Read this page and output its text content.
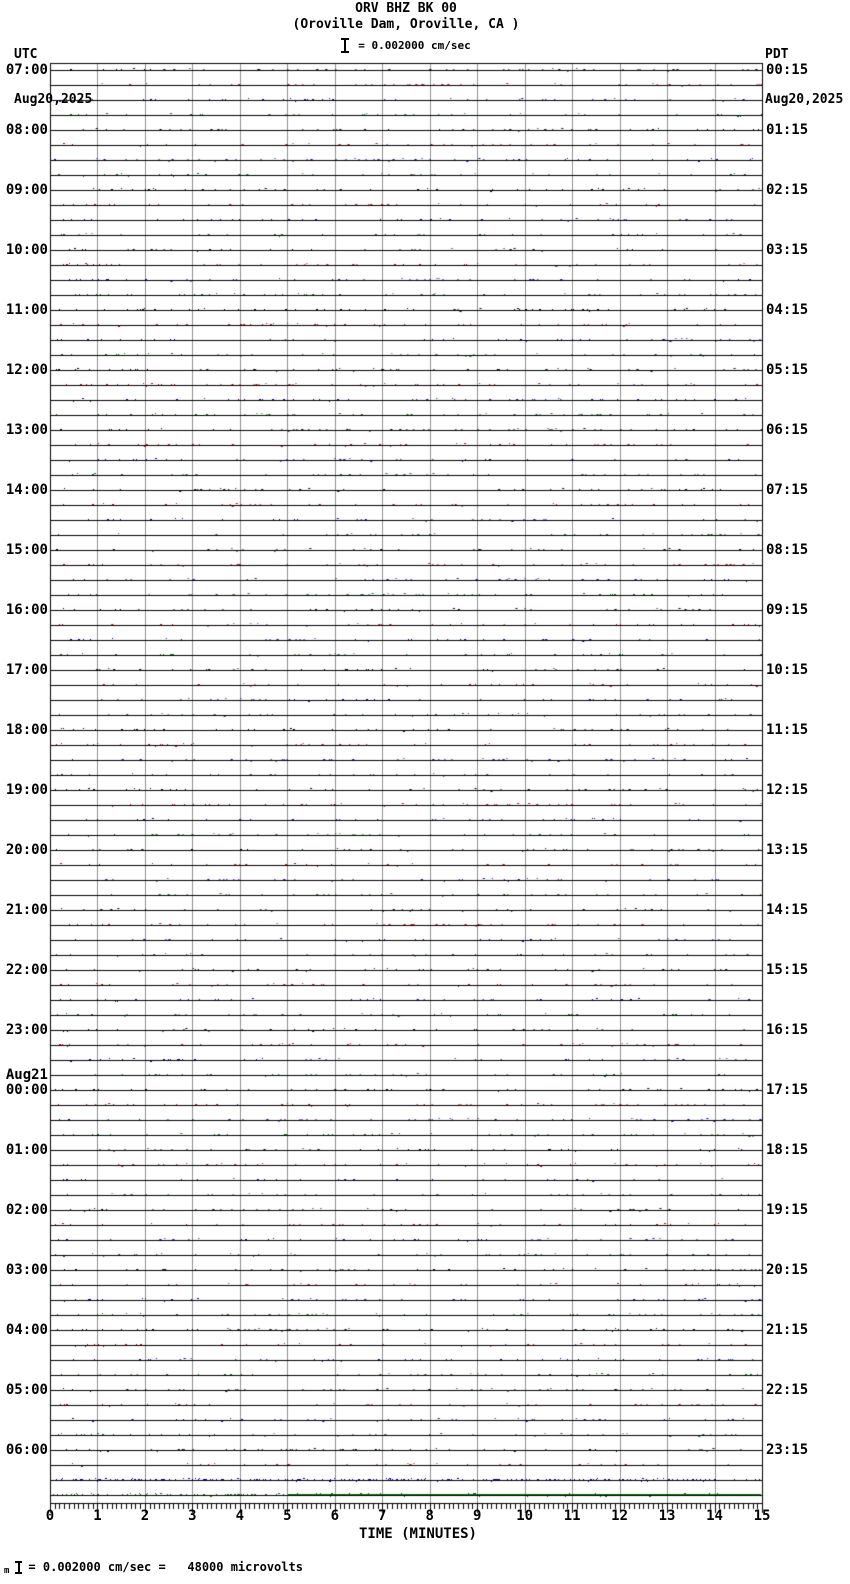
ORV BHZ BK 00
(Oroville Dam, Oroville, CA )
= 0.002000 cm/sec

UTC

Aug20,2025

PDT

Aug20,2025

07:00
08:00
09:00
10:00
11:00
12:00
13:00
14:00
15:00
16:00
17:00
18:00
19:00
20:00
21:00
22:00
23:00
00:00
Aug21
01:00
02:00
03:00
04:00
05:00
06:00
00:15
01:15
02:15
03:15
04:15
05:15
06:15
07:15
08:15
09:15
10:15
11:15
12:15
13:15
14:15
15:15
16:15
17:15
18:15
19:15
20:15
21:15
22:15
23:15
0	1	2	3	4	5	6	7	8	9	10	11	12	13	14	15
TIME (MINUTES)
m = 0.002000 cm/sec =   48000 microvolts
